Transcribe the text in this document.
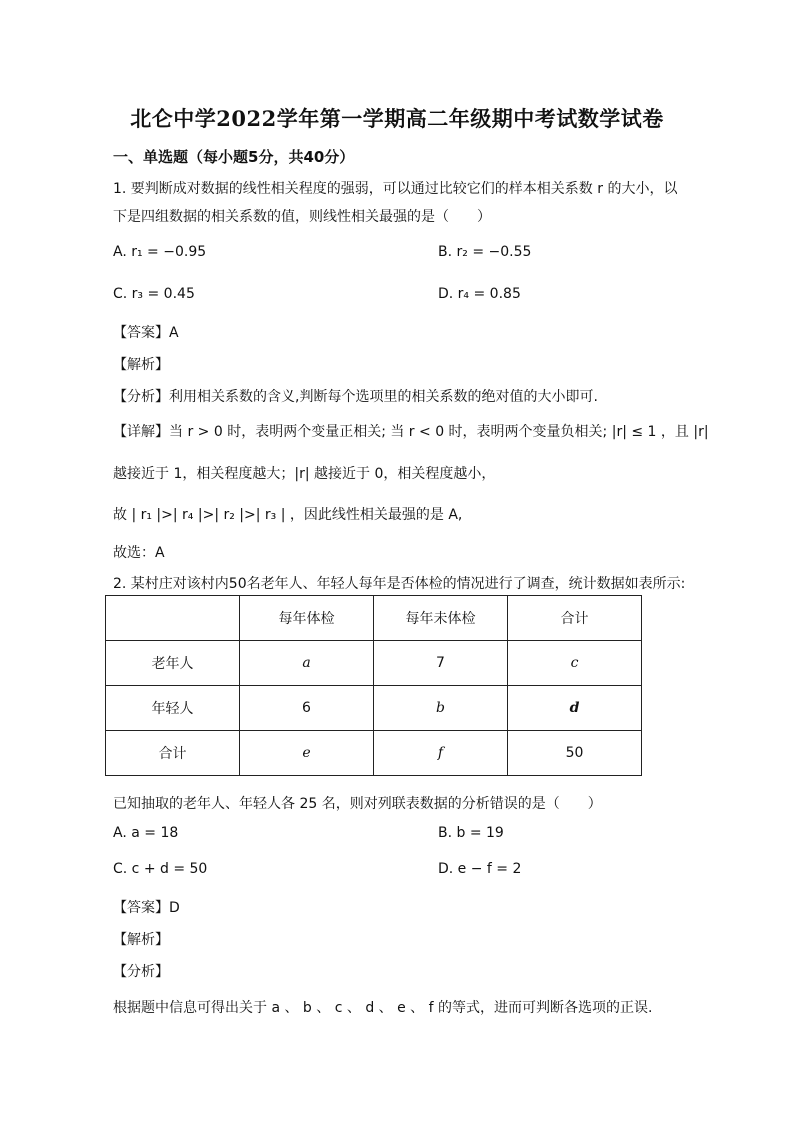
北仑中学2022学年第一学期高二年级期中考试数学试卷
一、单选题（每小题5分，共40分）
1. 要判断成对数据的线性相关程度的强弱，可以通过比较它们的样本相关系数 r 的大小，以
下是四组数据的相关系数的值，则线性相关最强的是（　　）
A. r₁ = −0.95	B. r₂ = −0.55
C. r₃ = 0.45	D. r₄ = 0.85
【答案】A
【解析】
【分析】利用相关系数的含义,判断每个选项里的相关系数的绝对值的大小即可.
【详解】当 r > 0 时，表明两个变量正相关; 当 r < 0 时，表明两个变量负相关; |r| ≤ 1 ，且 |r|
越接近于 1，相关程度越大；|r| 越接近于 0，相关程度越小，
故 | r₁ |>| r₄ |>| r₂ |>| r₃ | ，因此线性相关最强的是 A,
故选：A
2. 某村庄对该村内50名老年人、年轻人每年是否体检的情况进行了调查，统计数据如表所示:
	每年体检	每年未体检	合计
老年人	a	7	c
年轻人	6	b	d
合计	e	f	50
已知抽取的老年人、年轻人各 25 名，则对列联表数据的分析错误的是（　　）
A. a = 18	B. b = 19
C. c + d = 50	D. e − f = 2
【答案】D
【解析】
【分析】
根据题中信息可得出关于 a 、 b 、 c 、 d 、 e 、 f 的等式，进而可判断各选项的正误.
